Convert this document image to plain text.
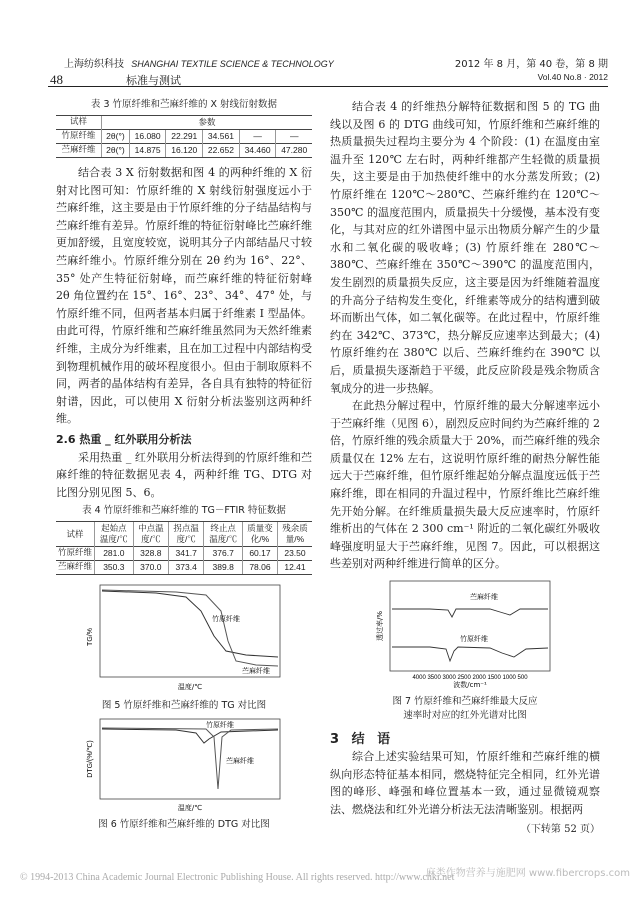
上海纺织科技 SHANGHAI TEXTILE SCIENCE & TECHNOLOGY
48	标准与测试
2012 年 8 月，第 40 卷，第 8 期
Vol.40 No.8 · 2012
表 3 竹原纤维和苎麻纤维的 X 射线衍射数据
试样	参数					
竹原纤维	2θ(°)	16.080	22.291	34.561	—	—
苎麻纤维	2θ(°)	14.875	16.120	22.652	34.460	47.280

结合表 3 X 衍射数据和图 4 的两种纤维的 X 衍射对比图可知：竹原纤维的 X 射线衍射强度远小于苎麻纤维，这主要是由于竹原纤维的分子结晶结构与苎麻纤维有差异。竹原纤维的特征衍射峰比苎麻纤维更加舒缓，且宽度较宽，说明其分子内部结晶尺寸较苎麻纤维小。竹原纤维分别在 2θ 约为 16°、22°、35° 处产生特征衍射峰，而苎麻纤维的特征衍射峰 2θ 角位置约在 15°、16°、23°、34°、47° 处，与竹原纤维不同，但两者基本归属于纤维素 Ⅰ 型晶体。由此可得，竹原纤维和苎麻纤维虽然同为天然纤维素纤维，主成分为纤维素，且在加工过程中内部结构受到物理机械作用的破坏程度很小。但由于制取原料不同，两者的晶体结构有差异，各自具有独特的特征衍射谱，因此，可以使用 X 衍射分析法鉴别这两种纤维。

2.6 热重 _ 红外联用分析法

采用热重 _ 红外联用分析法得到的竹原纤维和苎麻纤维的特征数据见表 4，两种纤维 TG、DTG 对比图分别见图 5、6。

表 4 竹原纤维和苎麻纤维的 TG－FTIR 特征数据
试样	起始点温度/℃	中点温度/℃	拐点温度/℃	终止点温度/℃	质量变化/%	残余质量/%
竹原纤维	281.0	328.8	341.7	376.7	60.17	23.50
苎麻纤维	350.3	370.0	373.4	389.8	78.06	12.41
TG/%
温度/℃
竹原纤维
苎麻纤维
图 5 竹原纤维和苎麻纤维的 TG 对比图
DTG/(%/℃)
温度/℃
竹原纤维
苎麻纤维
图 6 竹原纤维和苎麻纤维的 DTG 对比图

结合表 4 的纤维热分解特征数据和图 5 的 TG 曲线以及图 6 的 DTG 曲线可知，竹原纤维和苎麻纤维的热质量损失过程均主要分为 4 个阶段：(1) 在温度由室温升至 120℃ 左右时，两种纤维都产生轻微的质量损失，这主要是由于加热使纤维中的水分蒸发所致；(2) 竹原纤维在 120℃～280℃、苎麻纤维约在 120℃～350℃ 的温度范围内，质量损失十分缓慢，基本没有变化，与其对应的红外谱图中显示出物质分解产生的少量水和二氧化碳的吸收峰；(3) 竹原纤维在 280℃～380℃、苎麻纤维在 350℃～390℃ 的温度范围内，发生剧烈的质量损失反应，这主要是因为纤维随着温度的升高分子结构发生变化，纤维素等成分的结构遭到破坏而断出气体，如二氧化碳等。在此过程中，竹原纤维约在 342℃、373℃，热分解反应速率达到最大；(4) 竹原纤维约在 380℃ 以后、苎麻纤维约在 390℃ 以后，质量损失逐渐趋于平缓，此反应阶段是残余物质含氧成分的进一步热解。

在此热分解过程中，竹原纤维的最大分解速率远小于苎麻纤维（见图 6），剧烈反应时间约为苎麻纤维的 2 倍，竹原纤维的残余质量大于 20%，而苎麻纤维的残余质量仅在 12% 左右，这说明竹原纤维的耐热分解性能远大于苎麻纤维，但竹原纤维起始分解点温度远低于苎麻纤维，即在相同的升温过程中，竹原纤维比苎麻纤维先开始分解。在纤维质量损失最大反应速率时，竹原纤维析出的气体在 2 300 cm⁻¹ 附近的二氧化碳红外吸收峰强度明显大于苎麻纤维，见图 7。因此，可以根据这些差别对两种纤维进行简单的区分。

透过率/%
4000 3500 3000 2500 2000 1500 1000 500
波数/cm⁻¹
苎麻纤维
竹原纤维
图 7 竹原纤维和苎麻纤维最大反应
速率时对应的红外光谱对比图

3 结 语

综合上述实验结果可知，竹原纤维和苎麻纤维的横纵向形态特征基本相同，燃烧特征完全相同，红外光谱图的峰形、峰强和峰位置基本一致，通过显微镜观察法、燃烧法和红外光谱分析法无法清晰鉴别。根据两

（下转第 52 页）
© 1994-2013 China Academic Journal Electronic Publishing House. All rights reserved. http://www.cnki.net
麻类作物营养与施肥网 www.fibercrops.com
